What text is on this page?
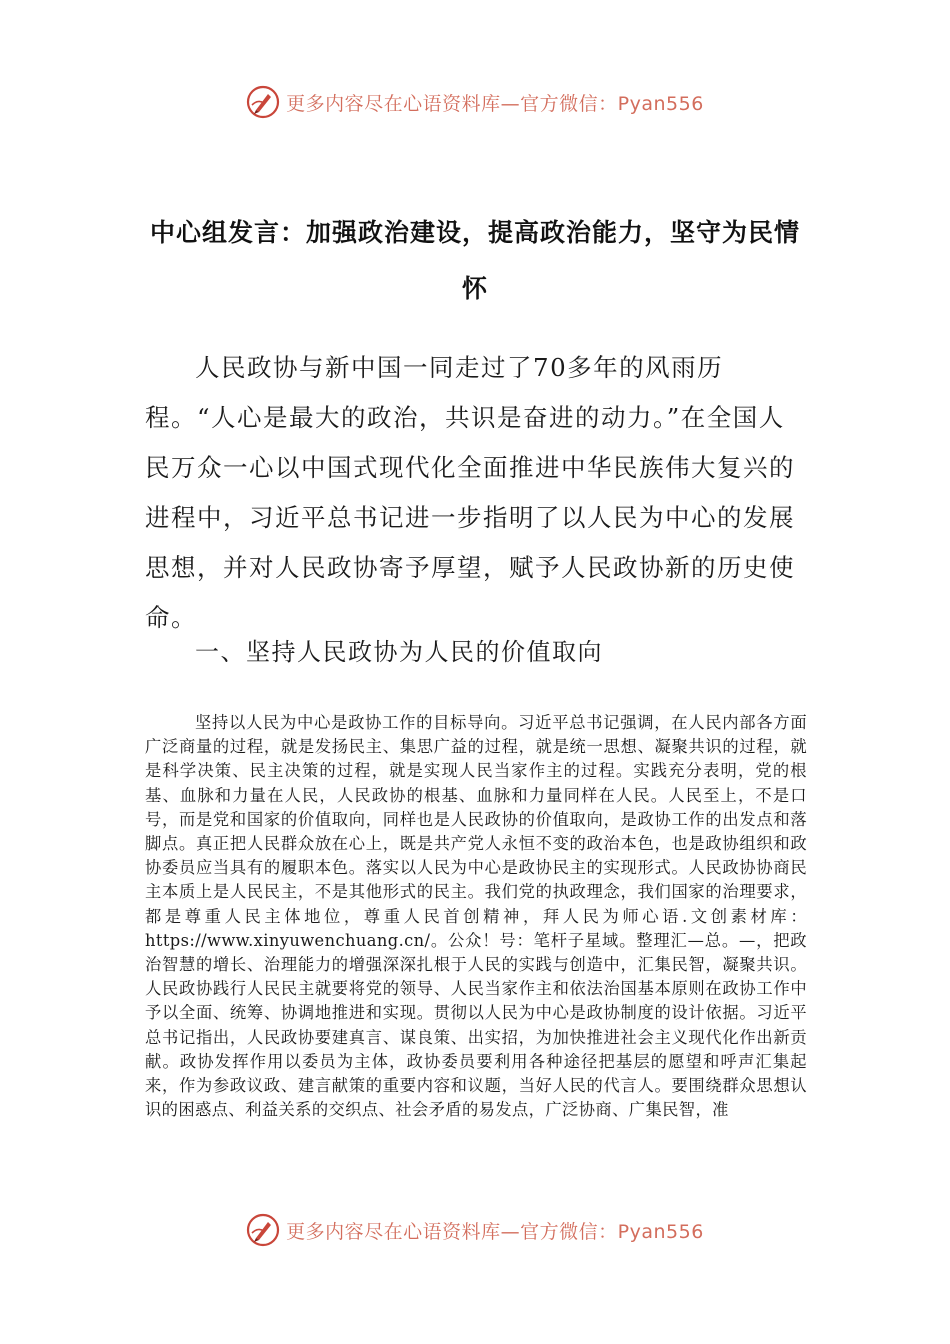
更多内容尽在心语资料库—官方微信：Pyan556
中心组发言：加强政治建设，提高政治能力，坚守为民情怀

人民政协与新中国一同走过了70多年的风雨历程。“人心是最大的政治，共识是奋进的动力。”在全国人民万众一心以中国式现代化全面推进中华民族伟大复兴的进程中，习近平总书记进一步指明了以人民为中心的发展思想，并对人民政协寄予厚望，赋予人民政协新的历史使命。

一、坚持人民政协为人民的价值取向
坚持以人民为中心是政协工作的目标导向。习近平总书记强调，在人民内部各方面广泛商量的过程，就是发扬民主、集思广益的过程，就是统一思想、凝聚共识的过程，就是科学决策、民主决策的过程，就是实现人民当家作主的过程。实践充分表明，党的根基、血脉和力量在人民，人民政协的根基、血脉和力量同样在人民。人民至上，不是口号，而是党和国家的价值取向，同样也是人民政协的价值取向，是政协工作的出发点和落脚点。真正把人民群众放在心上，既是共产党人永恒不变的政治本色，也是政协组织和政协委员应当具有的履职本色。落实以人民为中心是政协民主的实现形式。人民政协协商民主本质上是人民民主，不是其他形式的民主。我们党的执政理念，我们国家的治理要求，都是尊重人民主体地位，尊重人民首创精神，拜人民为师心语.文创素材库：https://www.xinyuwenchuang.cn/。公众！号：笔杆子星域。整理汇—总。—，把政治智慧的增长、治理能力的增强深深扎根于人民的实践与创造中，汇集民智，凝聚共识。人民政协践行人民民主就要将党的领导、人民当家作主和依法治国基本原则在政协工作中予以全面、统筹、协调地推进和实现。贯彻以人民为中心是政协制度的设计依据。习近平总书记指出，人民政协要建真言、谋良策、出实招，为加快推进社会主义现代化作出新贡献。政协发挥作用以委员为主体，政协委员要利用各种途径把基层的愿望和呼声汇集起来，作为参政议政、建言献策的重要内容和议题，当好人民的代言人。要围绕群众思想认识的困惑点、利益关系的交织点、社会矛盾的易发点，广泛协商、广集民智，准
更多内容尽在心语资料库—官方微信：Pyan556
